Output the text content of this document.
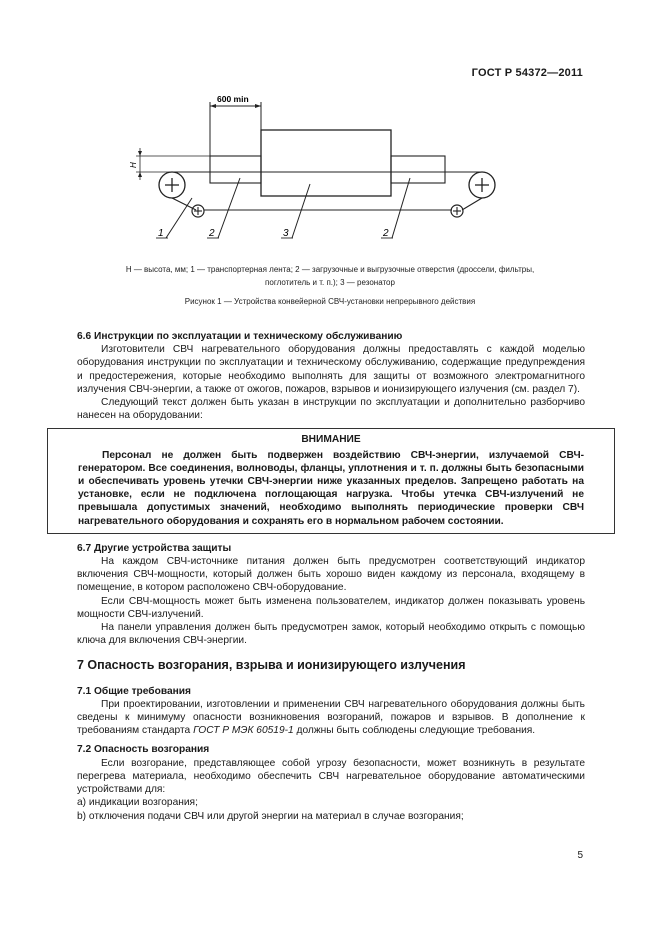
ГОСТ Р 54372—2011
600 min
H
1	2	3	2
H — высота, мм; 1 — транспортерная лента; 2 — загрузочные и выгрузочные отверстия (дроссели, фильтры,
поглотитель и т. п.); 3 — резонатор
Рисунок 1 — Устройства конвейерной СВЧ-установки непрерывного действия

6.6 Инструкции по эксплуатации и техническому обслуживанию

Изготовители СВЧ нагревательного оборудования должны предоставлять с каждой моделью оборудования инструкции по эксплуатации и техническому обслуживанию, содержащие предупреждения и предостережения, которые необходимо выполнять для защиты от возможного электромагнитного излучения СВЧ-энергии, а также от ожогов, пожаров, взрывов и ионизирующего излучения (см. раздел 7).

Следующий текст должен быть указан в инструкции по эксплуатации и дополнительно разборчиво нанесен на оборудовании:

ВНИМАНИЕ

Персонал не должен быть подвержен воздействию СВЧ-энергии, излучаемой СВЧ-генератором. Все соединения, волноводы, фланцы, уплотнения и т. п. должны быть безопасными и обеспечивать уровень утечки СВЧ-энергии ниже указанных пределов. Запрещено работать на установке, если не подключена поглощающая нагрузка. Чтобы утечка СВЧ-излучений не превышала допустимых значений, необходимо выполнять периодические проверки СВЧ нагревательного оборудования и сохранять его в нормальном рабочем состоянии.

6.7 Другие устройства защиты

На каждом СВЧ-источнике питания должен быть предусмотрен соответствующий индикатор включения СВЧ-мощности, который должен быть хорошо виден каждому из персонала, входящему в помещение, в котором расположено СВЧ-оборудование.

Если СВЧ-мощность может быть изменена пользователем, индикатор должен показывать уровень мощности СВЧ-излучений.

На панели управления должен быть предусмотрен замок, который необходимо открыть с помощью ключа для включения СВЧ-энергии.

7 Опасность возгорания, взрыва и ионизирующего излучения

7.1 Общие требования

При проектировании, изготовлении и применении СВЧ нагревательного оборудования должны быть сведены к минимуму опасности возникновения возгораний, пожаров и взрывов. В дополнение к требованиям стандарта ГОСТ Р МЭК 60519-1 должны быть соблюдены следующие требования.

7.2 Опасность возгорания

Если возгорание, представляющее собой угрозу безопасности, может возникнуть в результате перегрева материала, необходимо обеспечить СВЧ нагревательное оборудование автоматическими устройствами для:

a) индикации возгорания;

b) отключения подачи СВЧ или другой энергии на материал в случае возгорания;

5
